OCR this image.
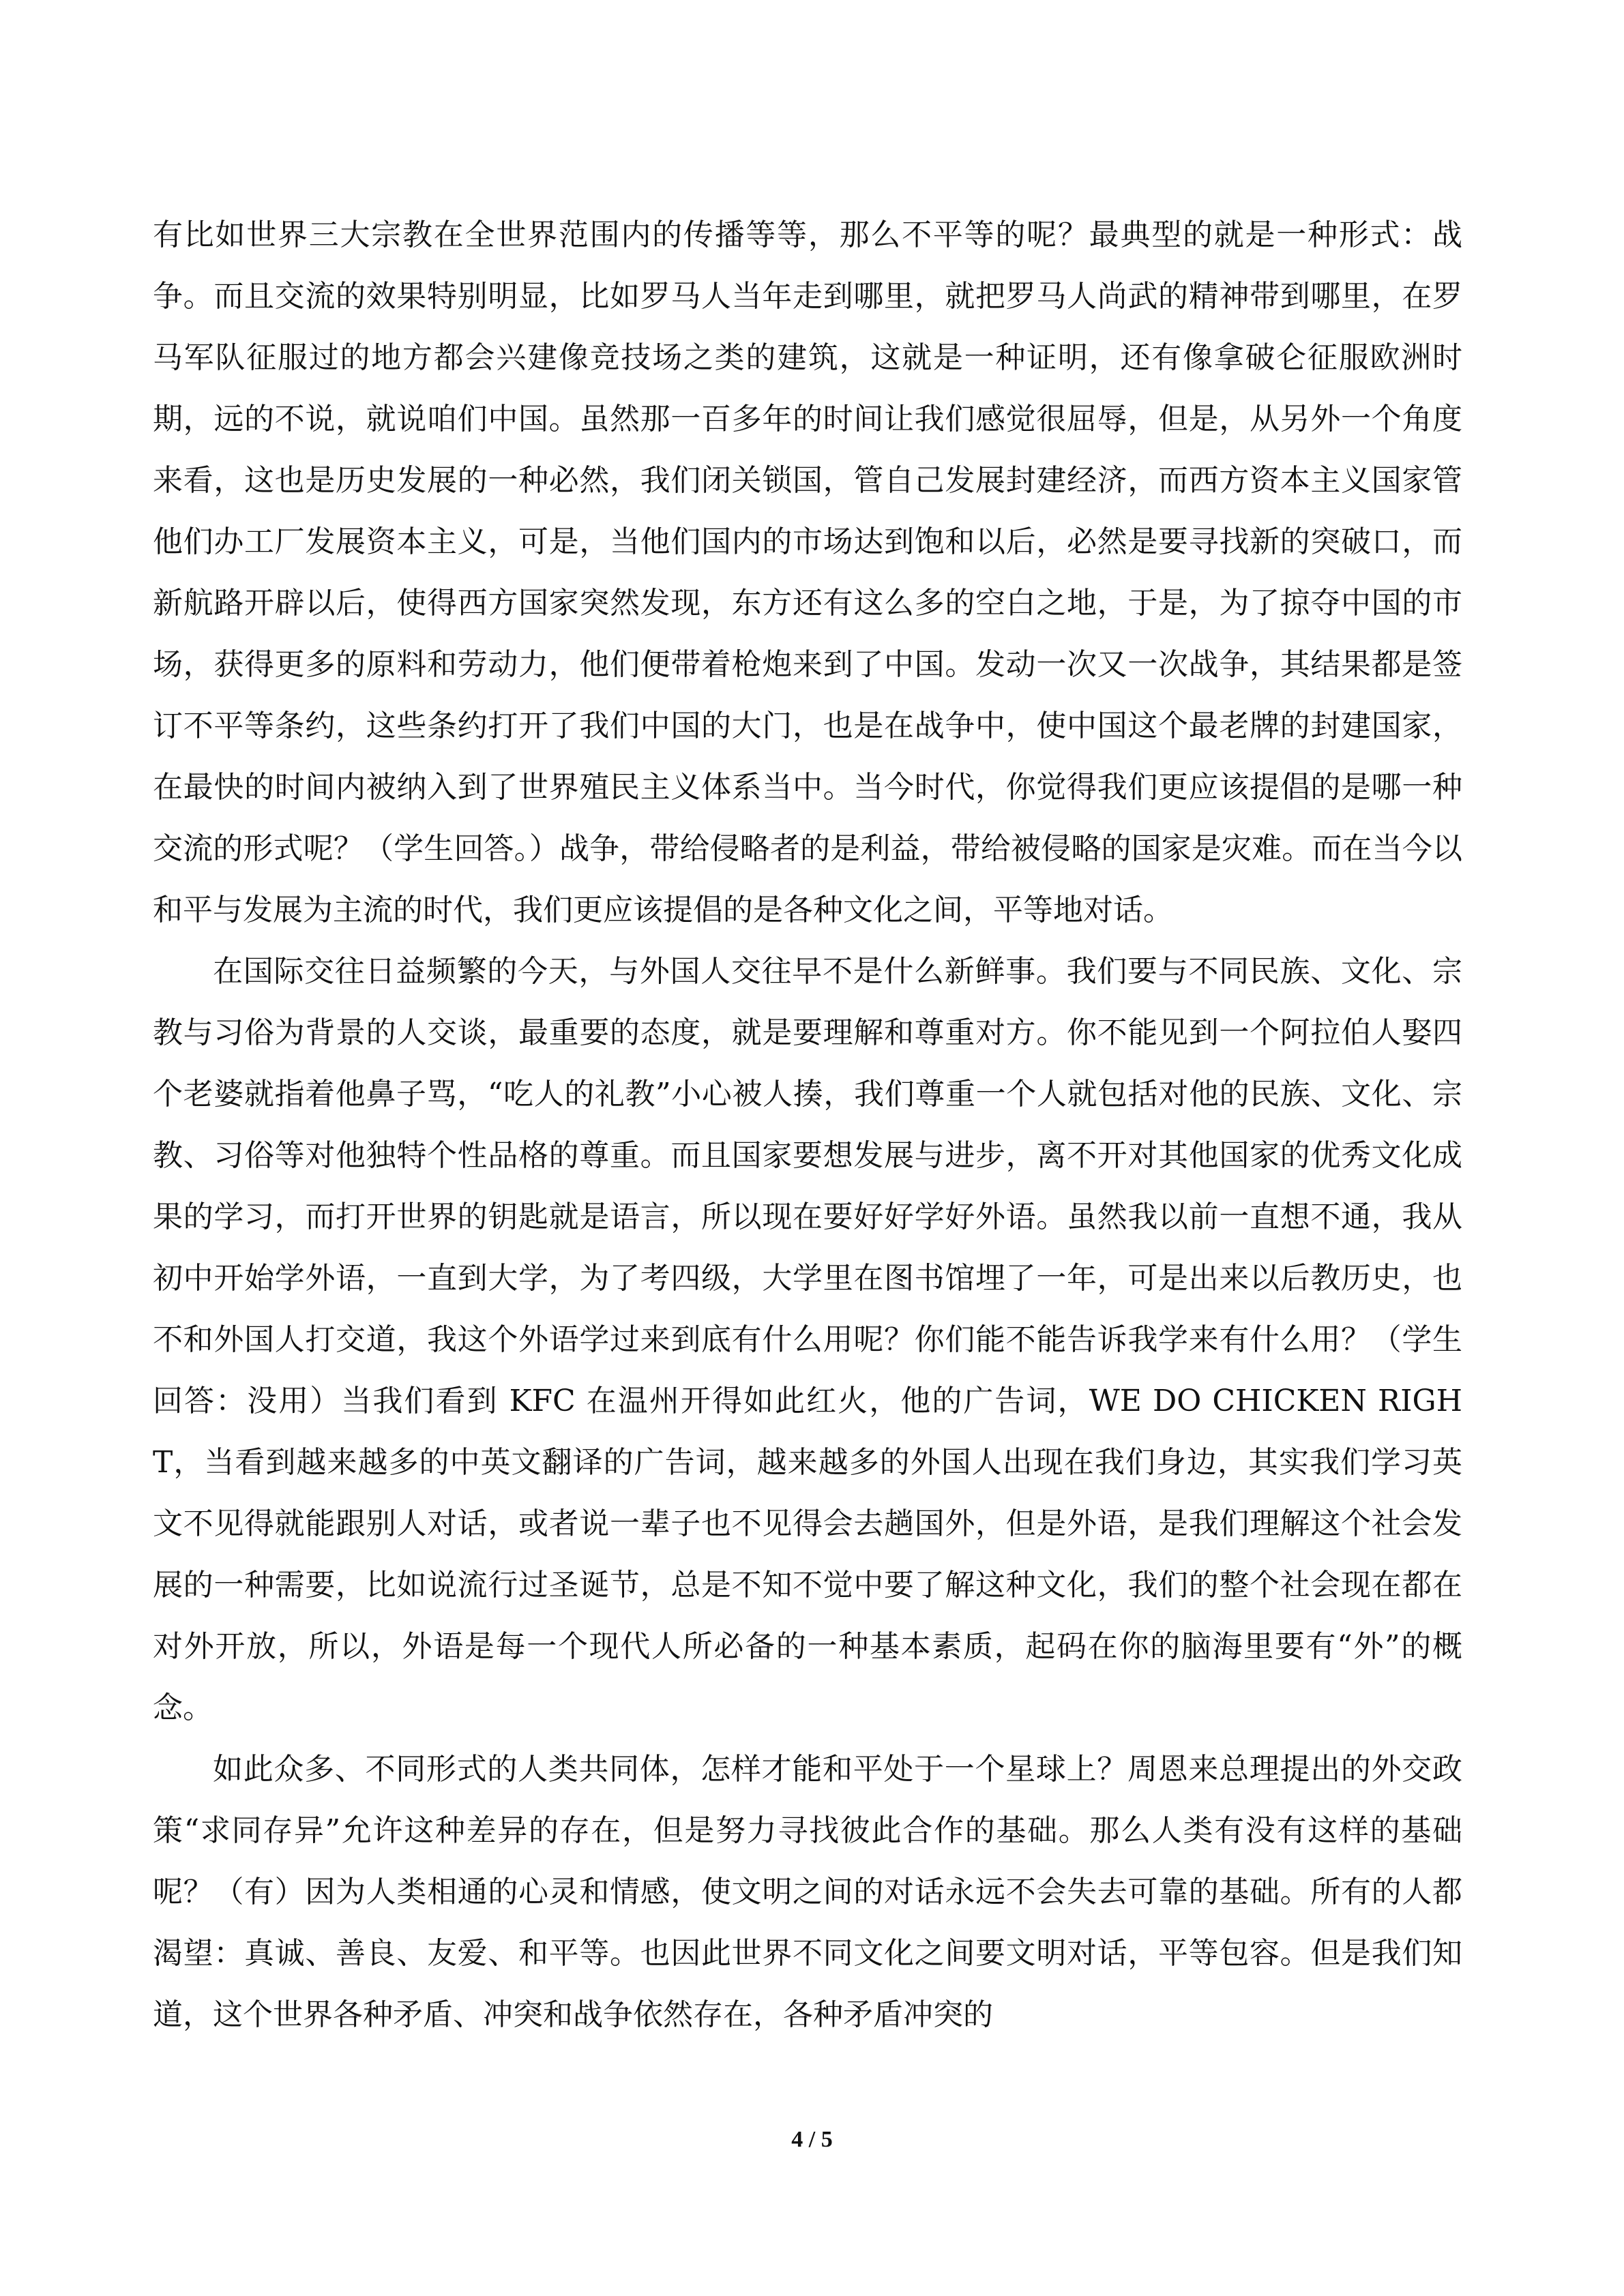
有比如世界三大宗教在全世界范围内的传播等等，那么不平等的呢？最典型的就是一种形式：战争。而且交流的效果特别明显，比如罗马人当年走到哪里，就把罗马人尚武的精神带到哪里，在罗马军队征服过的地方都会兴建像竞技场之类的建筑，这就是一种证明，还有像拿破仑征服欧洲时期，远的不说，就说咱们中国。虽然那一百多年的时间让我们感觉很屈辱，但是，从另外一个角度来看，这也是历史发展的一种必然，我们闭关锁国，管自己发展封建经济，而西方资本主义国家管他们办工厂发展资本主义，可是，当他们国内的市场达到饱和以后，必然是要寻找新的突破口，而新航路开辟以后，使得西方国家突然发现，东方还有这么多的空白之地，于是，为了掠夺中国的市场，获得更多的原料和劳动力，他们便带着枪炮来到了中国。发动一次又一次战争，其结果都是签订不平等条约，这些条约打开了我们中国的大门，也是在战争中，使中国这个最老牌的封建国家，在最快的时间内被纳入到了世界殖民主义体系当中。当今时代，你觉得我们更应该提倡的是哪一种交流的形式呢？（学生回答。）战争，带给侵略者的是利益，带给被侵略的国家是灾难。而在当今以和平与发展为主流的时代，我们更应该提倡的是各种文化之间，平等地对话。

在国际交往日益频繁的今天，与外国人交往早不是什么新鲜事。我们要与不同民族、文化、宗教与习俗为背景的人交谈，最重要的态度，就是要理解和尊重对方。你不能见到一个阿拉伯人娶四个老婆就指着他鼻子骂，“吃人的礼教”小心被人揍，我们尊重一个人就包括对他的民族、文化、宗教、习俗等对他独特个性品格的尊重。而且国家要想发展与进步，离不开对其他国家的优秀文化成果的学习，而打开世界的钥匙就是语言，所以现在要好好学好外语。虽然我以前一直想不通，我从初中开始学外语，一直到大学，为了考四级，大学里在图书馆埋了一年，可是出来以后教历史，也不和外国人打交道，我这个外语学过来到底有什么用呢？你们能不能告诉我学来有什么用？（学生回答：没用）当我们看到 KFC 在温州开得如此红火，他的广告词，WE DO CHICKEN RIGHT，当看到越来越多的中英文翻译的广告词，越来越多的外国人出现在我们身边，其实我们学习英文不见得就能跟别人对话，或者说一辈子也不见得会去趟国外，但是外语，是我们理解这个社会发展的一种需要，比如说流行过圣诞节，总是不知不觉中要了解这种文化，我们的整个社会现在都在对外开放，所以，外语是每一个现代人所必备的一种基本素质，起码在你的脑海里要有“外”的概念。

如此众多、不同形式的人类共同体，怎样才能和平处于一个星球上？周恩来总理提出的外交政策“求同存异”允许这种差异的存在，但是努力寻找彼此合作的基础。那么人类有没有这样的基础呢？（有）因为人类相通的心灵和情感，使文明之间的对话永远不会失去可靠的基础。所有的人都渴望：真诚、善良、友爱、和平等。也因此世界不同文化之间要文明对话，平等包容。但是我们知道，这个世界各种矛盾、冲突和战争依然存在，各种矛盾冲突的

4 / 5
